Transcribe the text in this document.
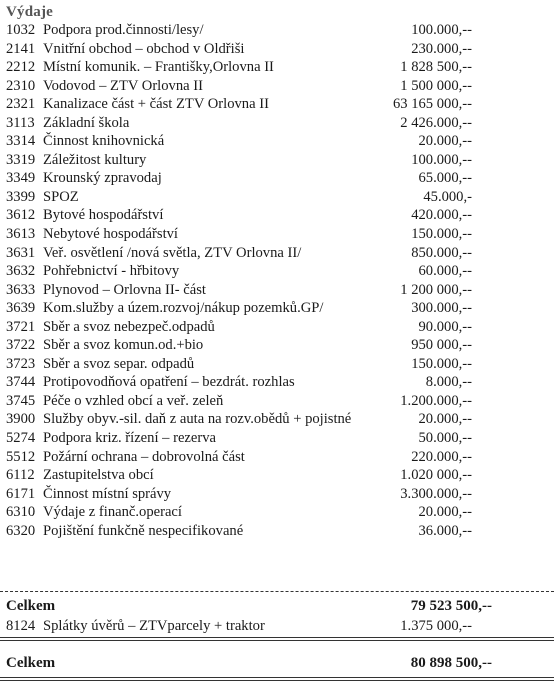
Výdaje
1032 Podpora prod.činnosti/lesy/	100.000,--
2141 Vnitřní obchod – obchod v Oldřiši	230.000,--
2212 Místní komunik. – Františky,Orlovna II	1 828 500,--
2310 Vodovod – ZTV Orlovna II	1 500 000,--
2321 Kanalizace část + část ZTV Orlovna II	63 165 000,--
3113 Základní škola	2 426.000,--
3314 Činnost knihovnická	20.000,--
3319 Záležitost kultury	100.000,--
3349 Krounský zpravodaj	65.000,--
3399 SPOZ	45.000,-
3612 Bytové hospodářství	420.000,--
3613 Nebytové hospodářství	150.000,--
3631 Veř. osvětlení /nová světla, ZTV Orlovna II/	850.000,--
3632 Pohřebnictví - hřbitovy	60.000,--
3633 Plynovod – Orlovna II- část	1 200 000,--
3639 Kom.služby a územ.rozvoj/nákup pozemků.GP/	300.000,--
3721 Sběr a svoz nebezpeč.odpadů	90.000,--
3722 Sběr a svoz komun.od.+bio	950 000,--
3723 Sběr a svoz separ. odpadů	150.000,--
3744 Protipovodňová opatření – bezdrát. rozhlas	8.000,--
3745 Péče o vzhled obcí a veř. zeleň	1.200.000,--
3900 Služby obyv.-sil. daň z auta na rozv.obědů + pojistné	20.000,--
5274 Podpora kriz. řízení – rezerva	50.000,--
5512 Požární ochrana – dobrovolná část	220.000,--
6112 Zastupitelstva obcí	1.020 000,--
6171 Činnost místní správy	3.300.000,--
6310 Výdaje z finanč.operací	20.000,--
6320 Pojištění funkčně nespecifikované	36.000,--
Celkem	79 523 500,--
8124 Splátky úvěrů – ZTVparcely + traktor	1.375 000,--
Celkem	80 898 500,--
